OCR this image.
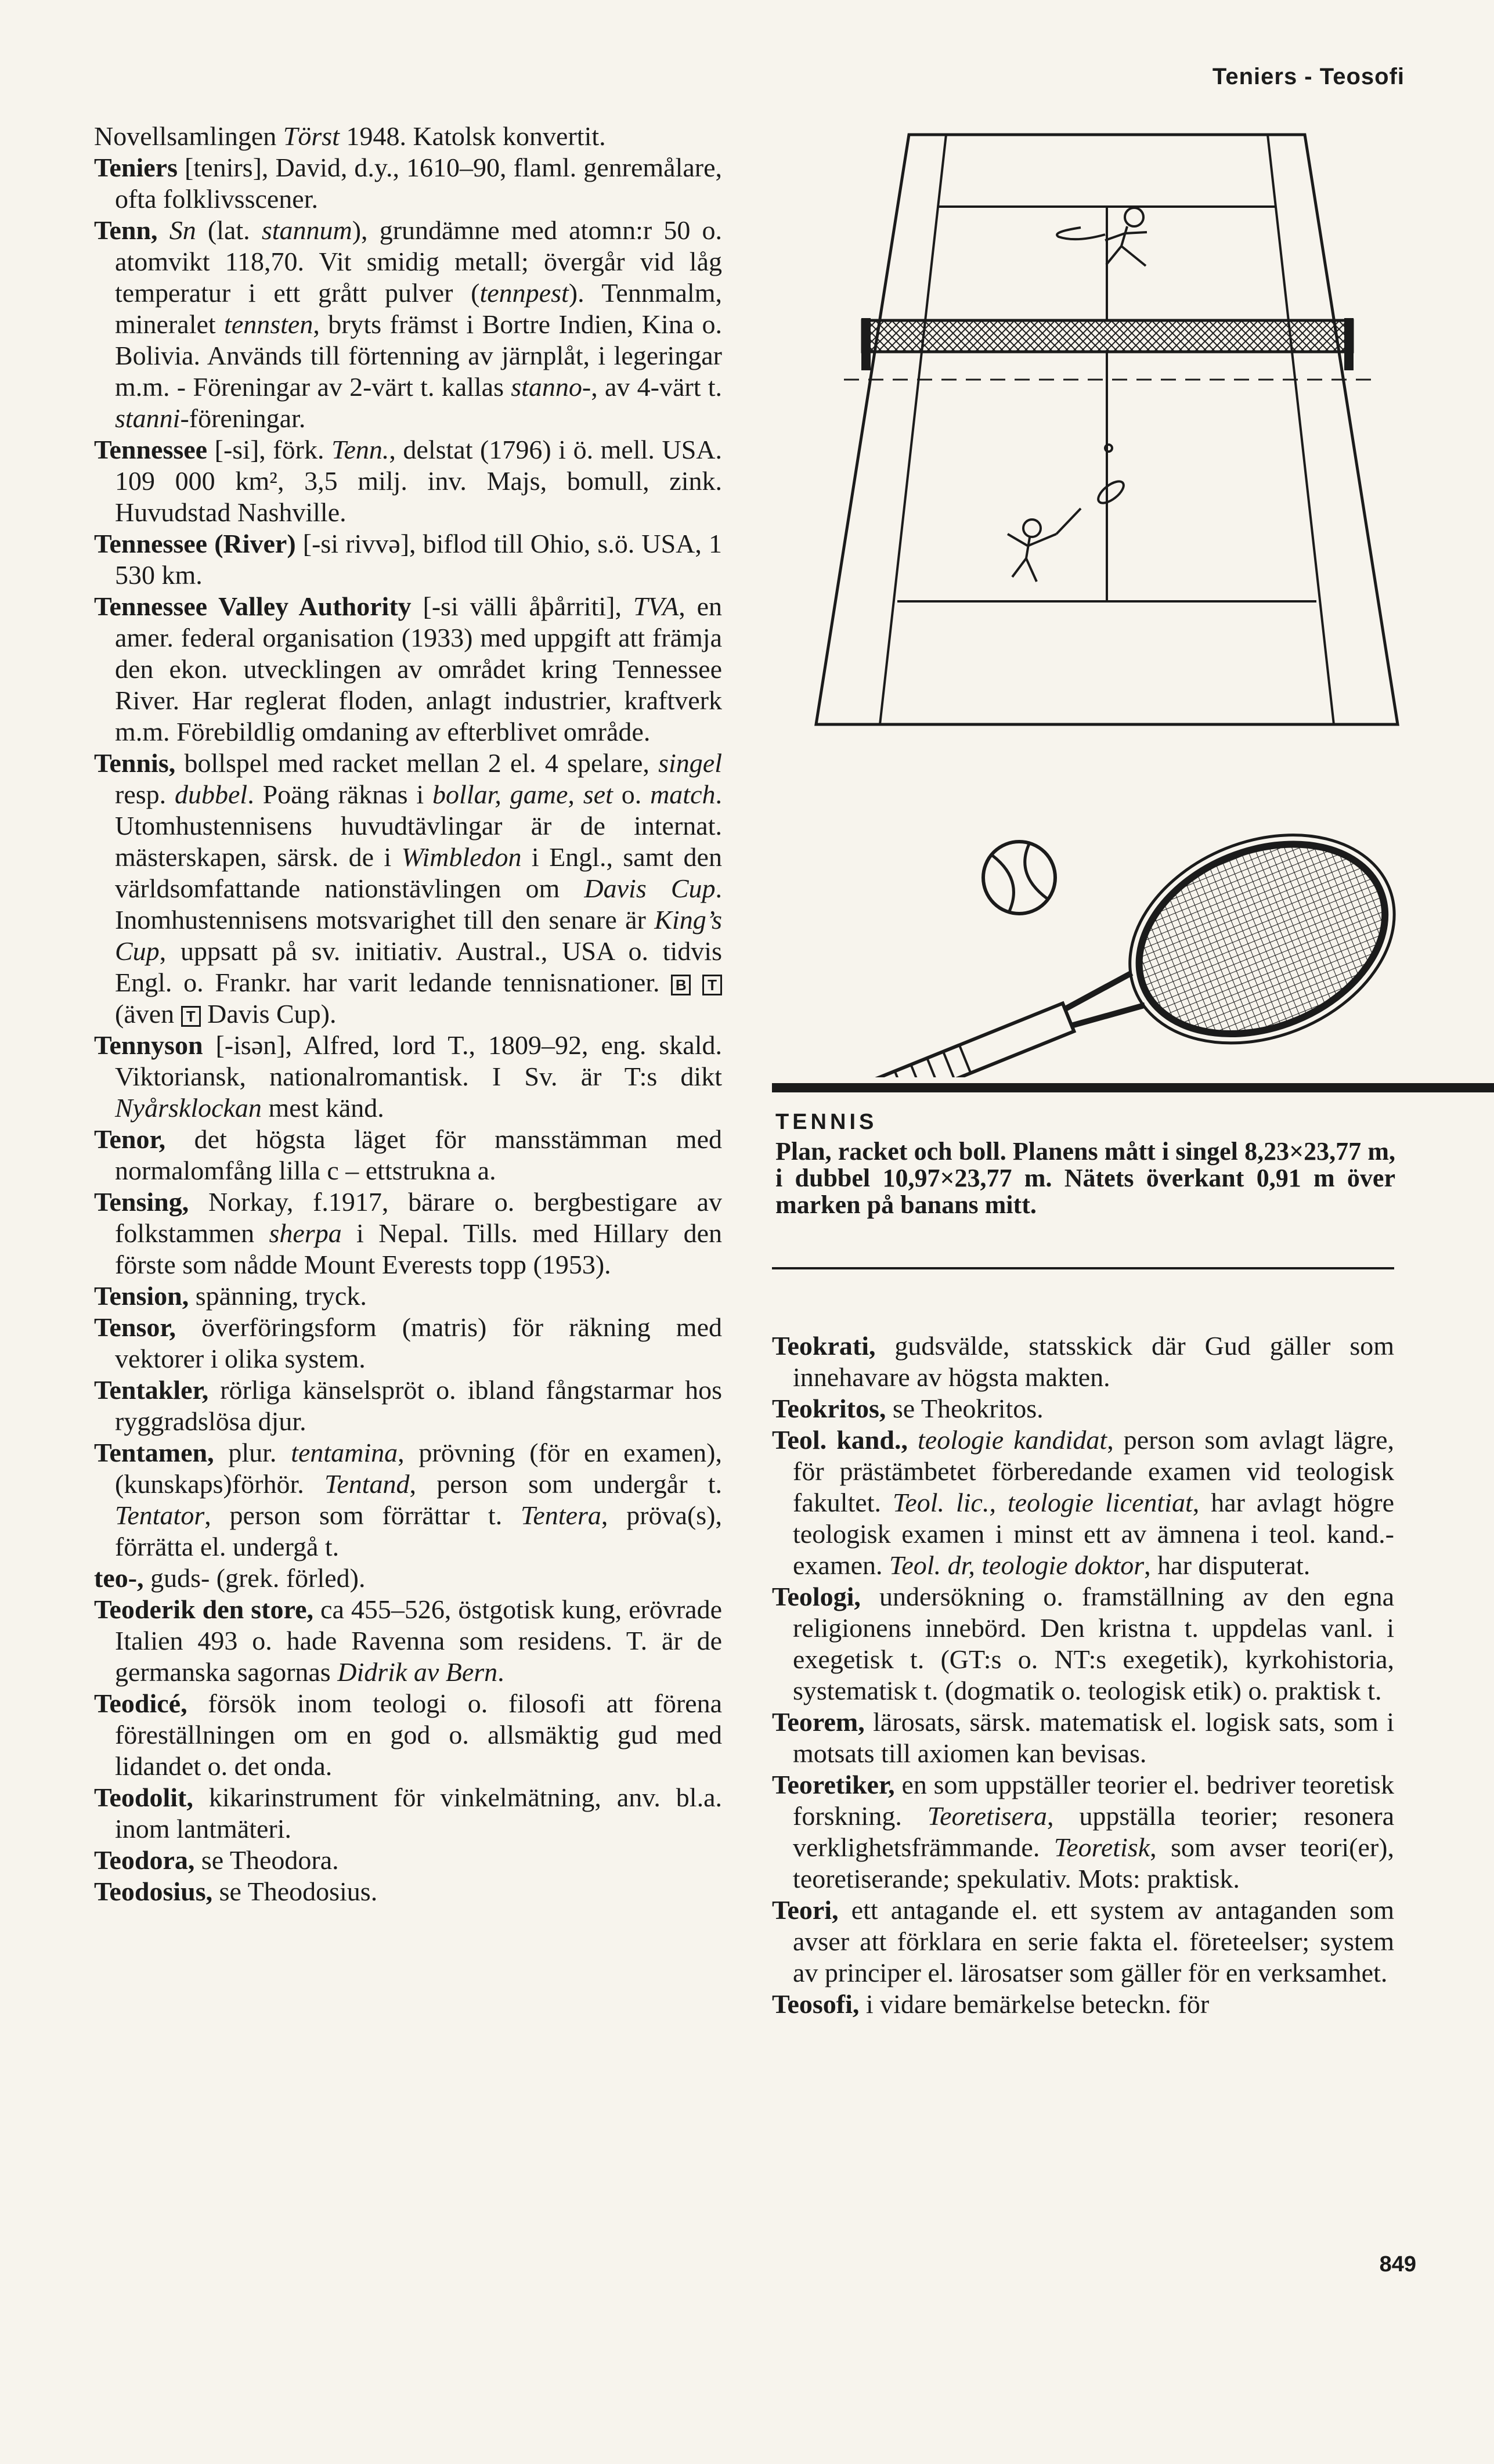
Teniers - Teosofi
Novellsamlingen Törst 1948. Katolsk konvertit.
Teniers [tenirs], David, d.y., 1610–90, flaml. genremålare, ofta folklivsscener.
Tenn, Sn (lat. stannum), grundämne med atomn:r 50 o. atomvikt 118,70. Vit smidig metall; övergår vid låg temperatur i ett grått pulver (tennpest). Tennmalm, mineralet tennsten, bryts främst i Bortre Indien, Kina o. Bolivia. Används till förtenning av järnplåt, i legeringar m.m. - Föreningar av 2-värt t. kallas stanno-, av 4-värt t. stanni-föreningar.
Tennessee [-si], förk. Tenn., delstat (1796) i ö. mell. USA. 109 000 km², 3,5 milj. inv. Majs, bomull, zink. Huvudstad Nashville.
Tennessee (River) [-si rivvə], biflod till Ohio, s.ö. USA, 1 530 km.
Tennessee Valley Authority [-si välli åþårriti], TVA, en amer. federal organisation (1933) med uppgift att främja den ekon. utvecklingen av området kring Tennessee River. Har reglerat floden, anlagt industrier, kraftverk m.m. Förebildlig omdaning av efterblivet område.
Tennis, bollspel med racket mellan 2 el. 4 spelare, singel resp. dubbel. Poäng räknas i bollar, game, set o. match. Utomhustennisens huvudtävlingar är de internat. mästerskapen, särsk. de i Wimbledon i Engl., samt den världsomfattande nationstävlingen om Davis Cup. Inomhustennisens motsvarighet till den senare är King’s Cup, uppsatt på sv. initiativ. Austral., USA o. tidvis Engl. o. Frankr. har varit ledande tennisnationer. B T (även T Davis Cup).
Tennyson [-isən], Alfred, lord T., 1809–92, eng. skald. Viktoriansk, nationalromantisk. I Sv. är T:s dikt Nyårsklockan mest känd.
Tenor, det högsta läget för mansstämman med normalomfång lilla c – ettstrukna a.
Tensing, Norkay, f.1917, bärare o. bergbestigare av folkstammen sherpa i Nepal. Tills. med Hillary den förste som nådde Mount Everests topp (1953).
Tension, spänning, tryck.
Tensor, överföringsform (matris) för räkning med vektorer i olika system.
Tentakler, rörliga känselspröt o. ibland fångstarmar hos ryggradslösa djur.
Tentamen, plur. tentamina, prövning (för en examen), (kunskaps)förhör. Tentand, person som undergår t. Tentator, person som förrättar t. Tentera, pröva(s), förrätta el. undergå t.
teo-, guds- (grek. förled).
Teoderik den store, ca 455–526, östgotisk kung, erövrade Italien 493 o. hade Ravenna som residens. T. är de germanska sagornas Didrik av Bern.
Teodicé, försök inom teologi o. filosofi att förena föreställningen om en god o. allsmäktig gud med lidandet o. det onda.
Teodolit, kikarinstrument för vinkelmätning, anv. bl.a. inom lantmäteri.
Teodora, se Theodora.
Teodosius, se Theodosius.
TENNIS
Plan, racket och boll. Planens mått i singel 8,23×23,77 m, i dubbel 10,97×23,77 m. Nätets överkant 0,91 m över marken på banans mitt.
Teokrati, gudsvälde, statsskick där Gud gäller som innehavare av högsta makten.
Teokritos, se Theokritos.
Teol. kand., teologie kandidat, person som avlagt lägre, för prästämbetet förberedande examen vid teologisk fakultet. Teol. lic., teologie licentiat, har avlagt högre teologisk examen i minst ett av ämnena i teol. kand.-examen. Teol. dr, teologie doktor, har disputerat.
Teologi, undersökning o. framställning av den egna religionens innebörd. Den kristna t. uppdelas vanl. i exegetisk t. (GT:s o. NT:s exegetik), kyrkohistoria, systematisk t. (dogmatik o. teologisk etik) o. praktisk t.
Teorem, lärosats, särsk. matematisk el. logisk sats, som i motsats till axiomen kan bevisas.
Teoretiker, en som uppställer teorier el. bedriver teoretisk forskning. Teoretisera, uppställa teorier; resonera verklighetsfrämmande. Teoretisk, som avser teori(er), teoretiserande; spekulativ. Mots: praktisk.
Teori, ett antagande el. ett system av antaganden som avser att förklara en serie fakta el. företeelser; system av principer el. lärosatser som gäller för en verksamhet.
Teosofi, i vidare bemärkelse beteckn. för
849
